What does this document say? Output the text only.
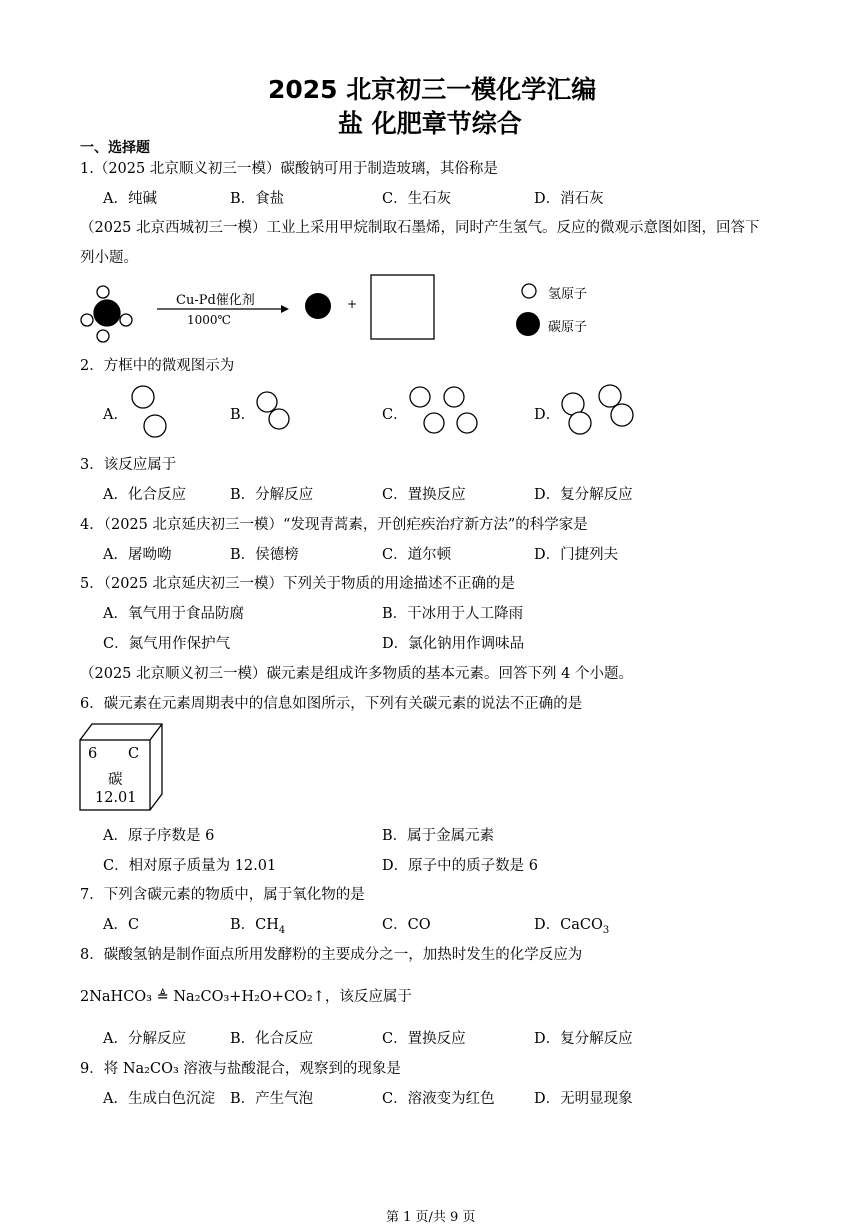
2025 北京初三一模化学汇编
盐 化肥章节综合
一、选择题
1.（2025 北京顺义初三一模）碳酸钠可用于制造玻璃，其俗称是
A．纯碱	B．食盐	C．生石灰	D．消石灰
（2025 北京西城初三一模）工业上采用甲烷制取石墨烯，同时产生氢气。反应的微观示意图如图，回答下
列小题。
Cu-Pd催化剂
1000℃
+
氢原子
碳原子
2．方框中的微观图示为
A．	B．	C．	D．
3．该反应属于
A．化合反应	B．分解反应	C．置换反应	D．复分解反应
4．（2025 北京延庆初三一模）“发现青蒿素，开创疟疾治疗新方法”的科学家是
A．屠呦呦	B．侯德榜	C．道尔顿	D．门捷列夫
5．（2025 北京延庆初三一模）下列关于物质的用途描述不正确的是
A．氧气用于食品防腐	B．干冰用于人工降雨
C．氮气用作保护气	D．氯化钠用作调味品
（2025 北京顺义初三一模）碳元素是组成许多物质的基本元素。回答下列 4 个小题。
6．碳元素在元素周期表中的信息如图所示，下列有关碳元素的说法不正确的是
6 C
碳
12.01
A．原子序数是 6	B．属于金属元素
C．相对原子质量为 12.01	D．原子中的质子数是 6
7．下列含碳元素的物质中，属于氧化物的是
A．C	B．$CH_4$	C．CO	D．CaCO$_3$
8．碳酸氢钠是制作面点所用发酵粉的主要成分之一，加热时发生的化学反应为
2NaHCO₃ ≜ Na₂CO₃+H₂O+CO₂↑，该反应属于
A．分解反应	B．化合反应	C．置换反应	D．复分解反应
9．将 Na₂CO₃ 溶液与盐酸混合，观察到的现象是
A．生成白色沉淀 B．产生气泡	C．溶液变为红色	D．无明显现象
第 1 页/共 9 页
